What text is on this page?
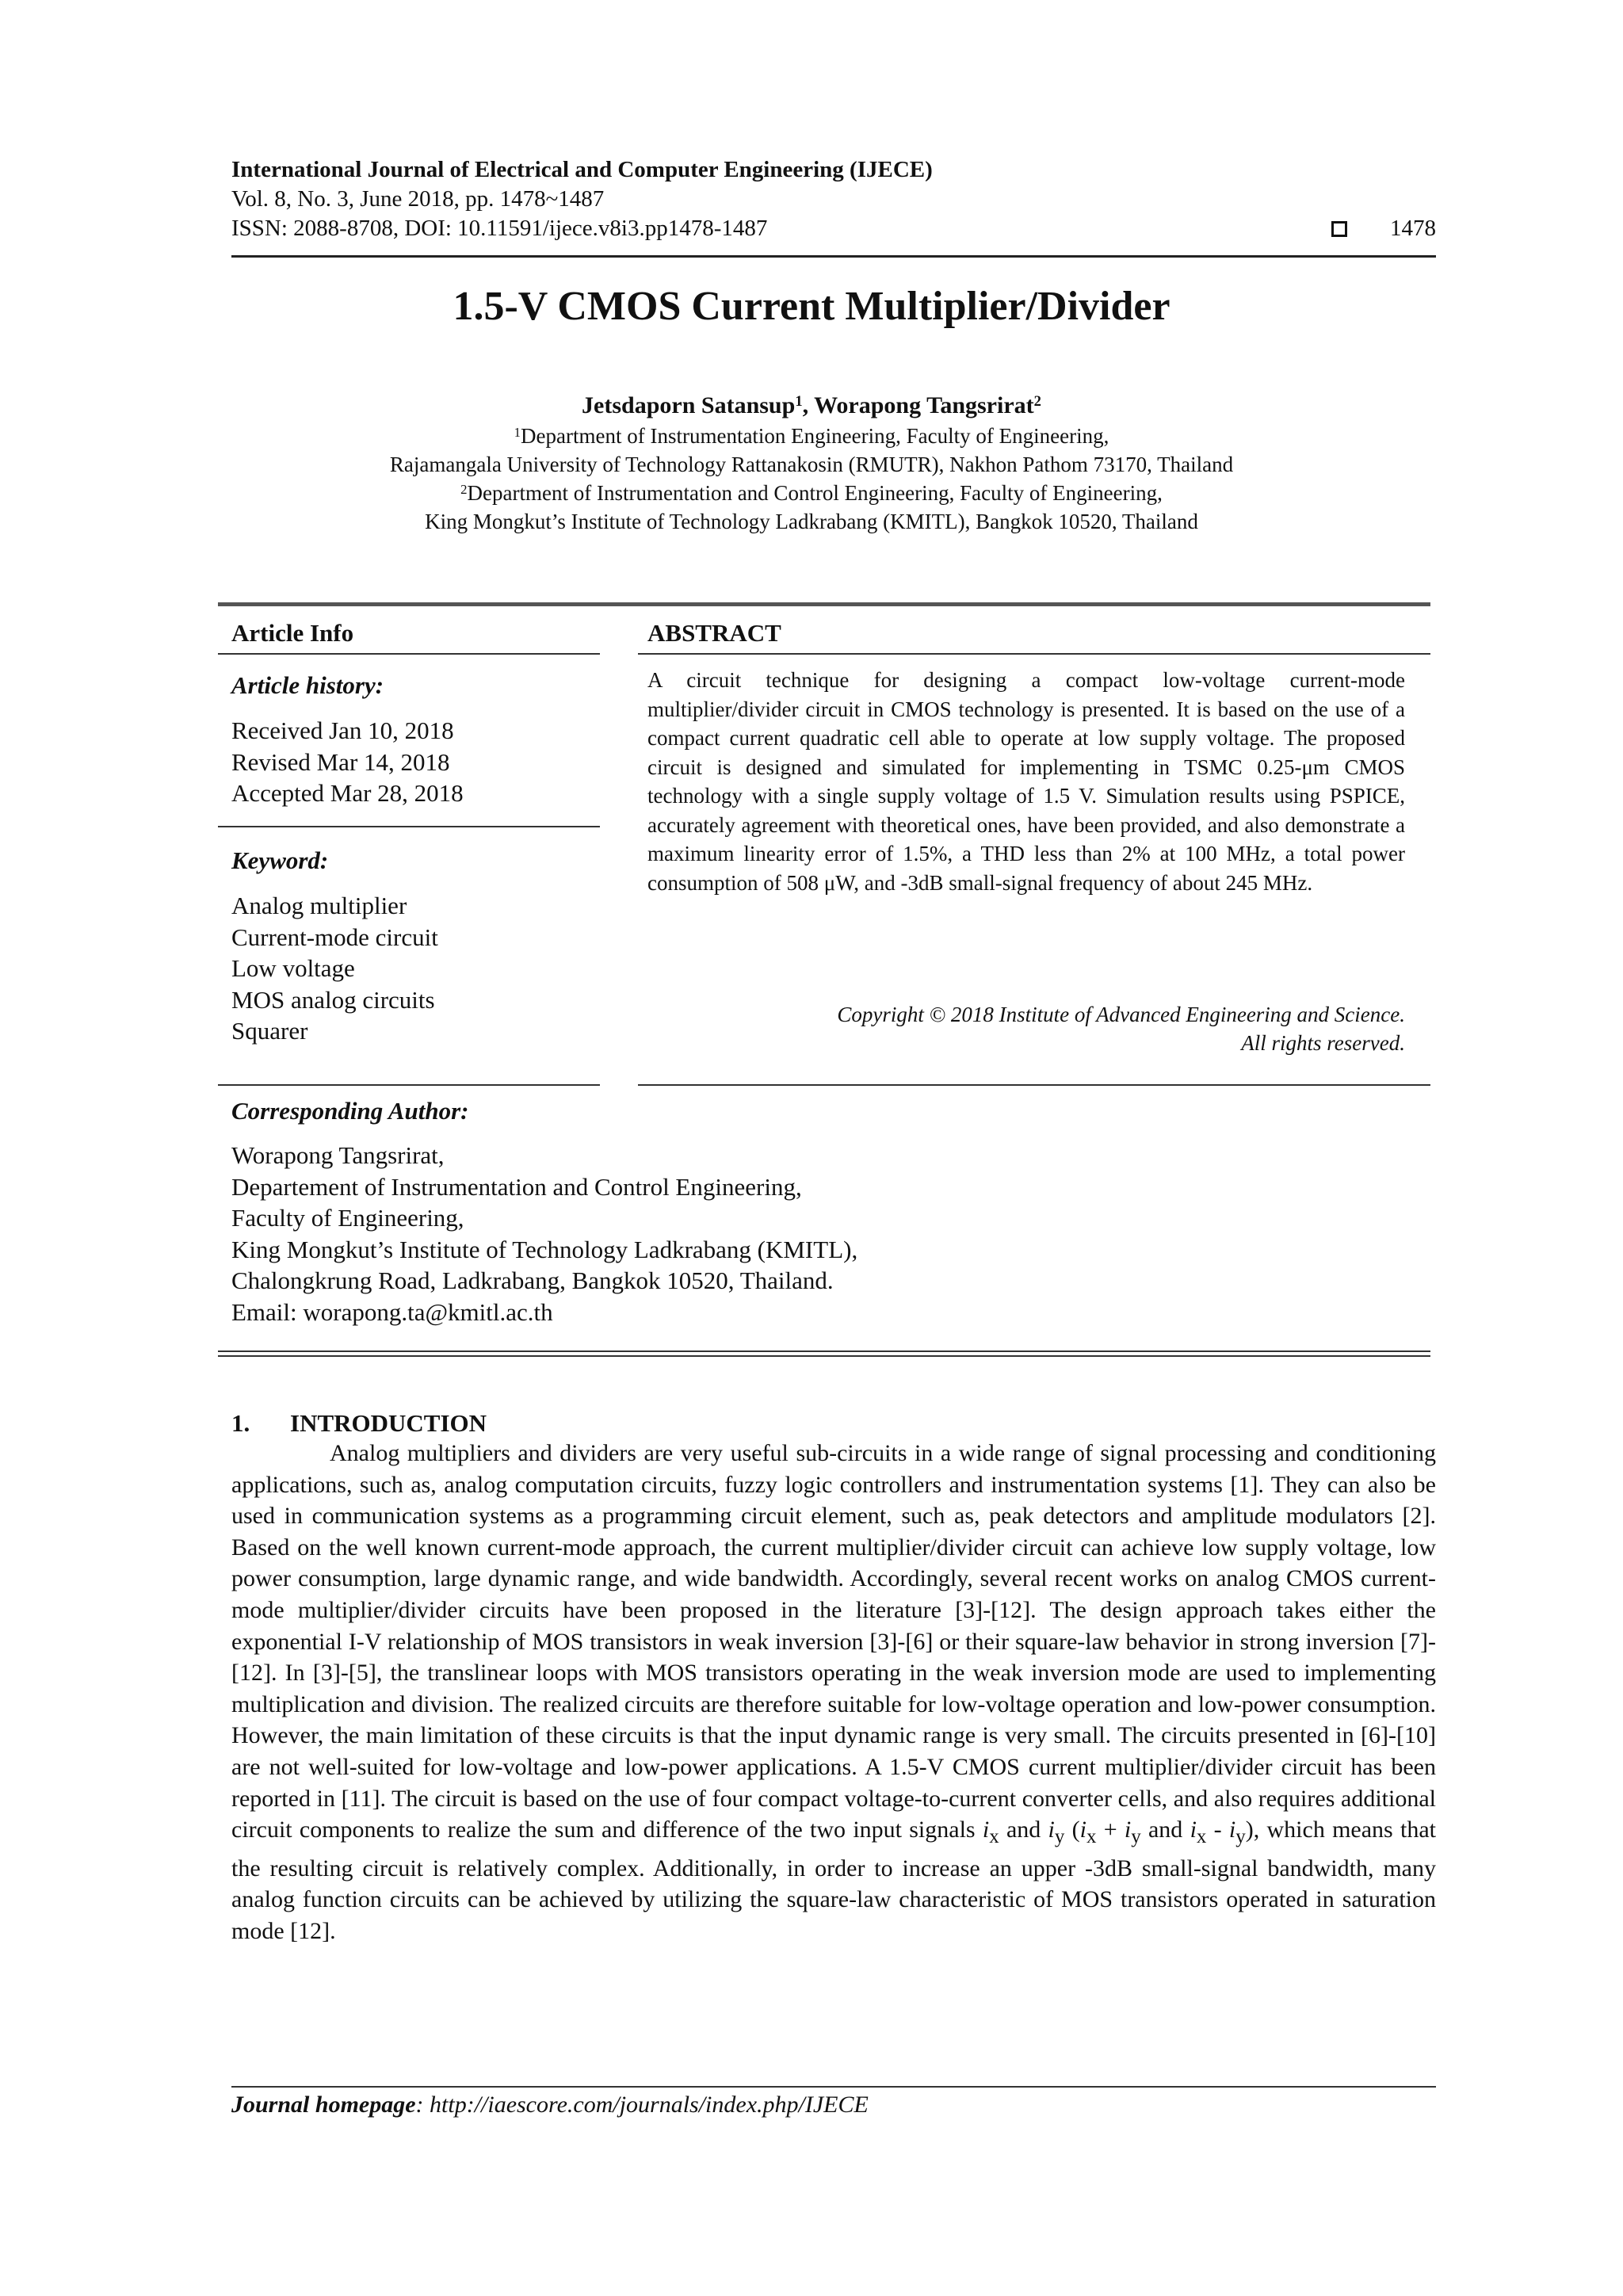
International Journal of Electrical and Computer Engineering (IJECE)
Vol. 8, No. 3, June 2018, pp. 1478~1487
ISSN: 2088-8708, DOI: 10.11591/ijece.v8i3.pp1478-1487	1478
1.5-V CMOS Current Multiplier/Divider
Jetsdaporn Satansup$^1$, Worapong Tangsrirat$^2$
$^1$Department of Instrumentation Engineering, Faculty of Engineering,
Rajamangala University of Technology Rattanakosin (RMUTR), Nakhon Pathom 73170, Thailand
$^2$Department of Instrumentation and Control Engineering, Faculty of Engineering,
King Mongkut’s Institute of Technology Ladkrabang (KMITL), Bangkok 10520, Thailand
Article Info
Article history:
Received Jan 10, 2018
Revised Mar 14, 2018
Accepted Mar 28, 2018
Keyword:
Analog multiplier
Current-mode circuit
Low voltage
MOS analog circuits
Squarer
ABSTRACT
A circuit technique for designing a compact low-voltage current-mode multiplier/divider circuit in CMOS technology is presented. It is based on the use of a compact current quadratic cell able to operate at low supply voltage. The proposed circuit is designed and simulated for implementing in TSMC 0.25-μm CMOS technology with a single supply voltage of 1.5 V. Simulation results using PSPICE, accurately agreement with theoretical ones, have been provided, and also demonstrate a maximum linearity error of 1.5%, a THD less than 2% at 100 MHz, a total power consumption of 508 μW, and -3dB small-signal frequency of about 245 MHz.
Copyright © 2018 Institute of Advanced Engineering and Science.
All rights reserved.
Corresponding Author:
Worapong Tangsrirat,
Departement of Instrumentation and Control Engineering,
Faculty of Engineering,
King Mongkut’s Institute of Technology Ladkrabang (KMITL),
Chalongkrung Road, Ladkrabang, Bangkok 10520, Thailand.
Email: worapong.ta@kmitl.ac.th
1. INTRODUCTION
Analog multipliers and dividers are very useful sub-circuits in a wide range of signal processing and conditioning applications, such as, analog computation circuits, fuzzy logic controllers and instrumentation systems [1]. They can also be used in communication systems as a programming circuit element, such as, peak detectors and amplitude modulators [2]. Based on the well known current-mode approach, the current multiplier/divider circuit can achieve low supply voltage, low power consumption, large dynamic range, and wide bandwidth. Accordingly, several recent works on analog CMOS current-mode multiplier/divider circuits have been proposed in the literature [3]-[12]. The design approach takes either the exponential I-V relationship of MOS transistors in weak inversion [3]-[6] or their square-law behavior in strong inversion [7]-[12]. In [3]-[5], the translinear loops with MOS transistors operating in the weak inversion mode are used to implementing multiplication and division. The realized circuits are therefore suitable for low-voltage operation and low-power consumption. However, the main limitation of these circuits is that the input dynamic range is very small. The circuits presented in [6]-[10] are not well-suited for low-voltage and low-power applications. A 1.5-V CMOS current multiplier/divider circuit has been reported in [11]. The circuit is based on the use of four compact voltage-to-current converter cells, and also requires additional circuit components to realize the sum and difference of the two input signals $i_x$ and $i_y$ ($i_x + i_y$ and $i_x - i_y$), which means that the resulting circuit is relatively complex. Additionally, in order to increase an upper -3dB small-signal bandwidth, many analog function circuits can be achieved by utilizing the square-law characteristic of MOS transistors operated in saturation mode [12].
Journal homepage: http://iaescore.com/journals/index.php/IJECE
